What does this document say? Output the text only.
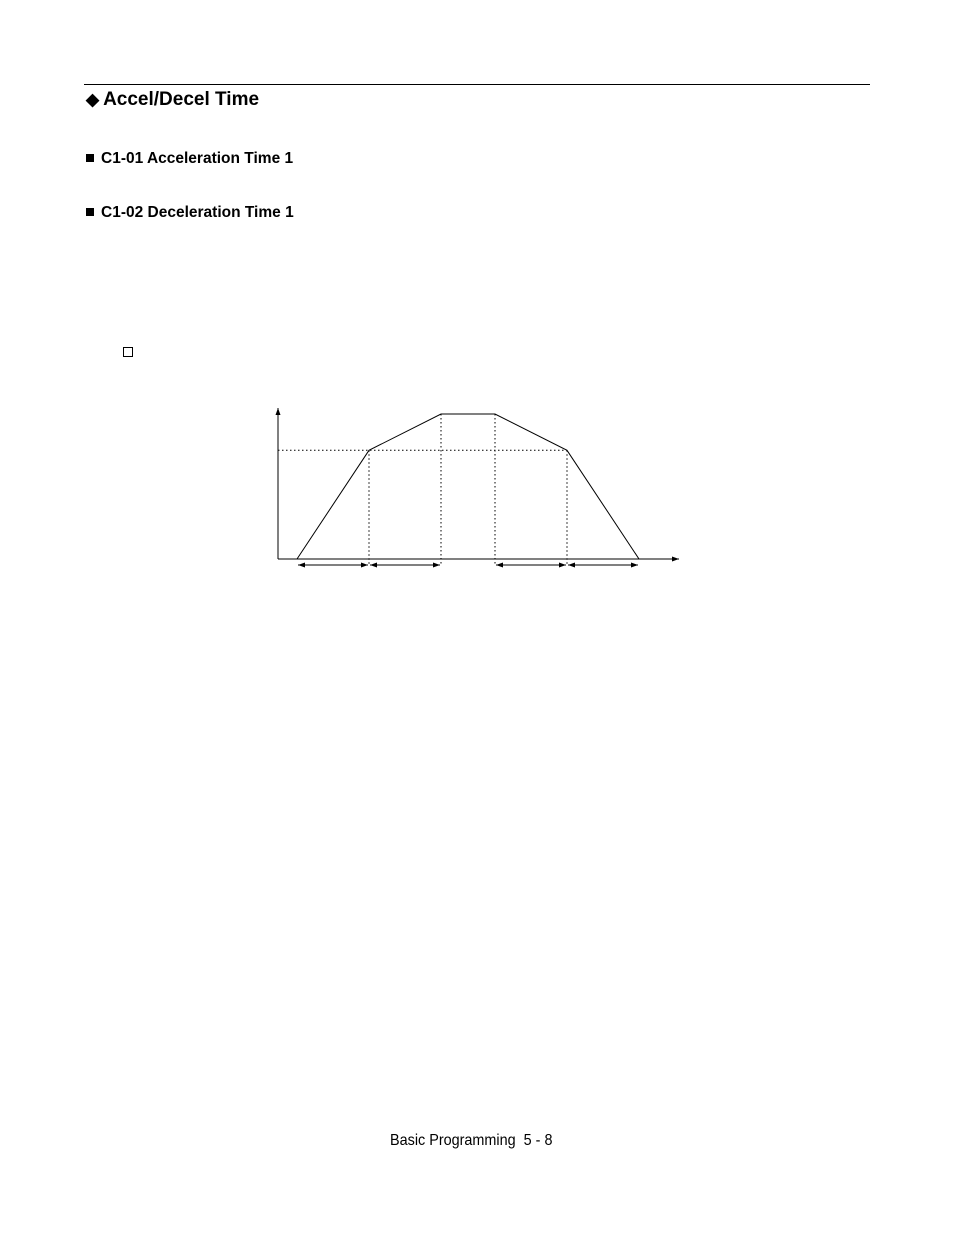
◆ Accel/Decel Time
C1-01 Acceleration Time 1
C1-02 Deceleration Time 1
Basic Programming  5 - 8
